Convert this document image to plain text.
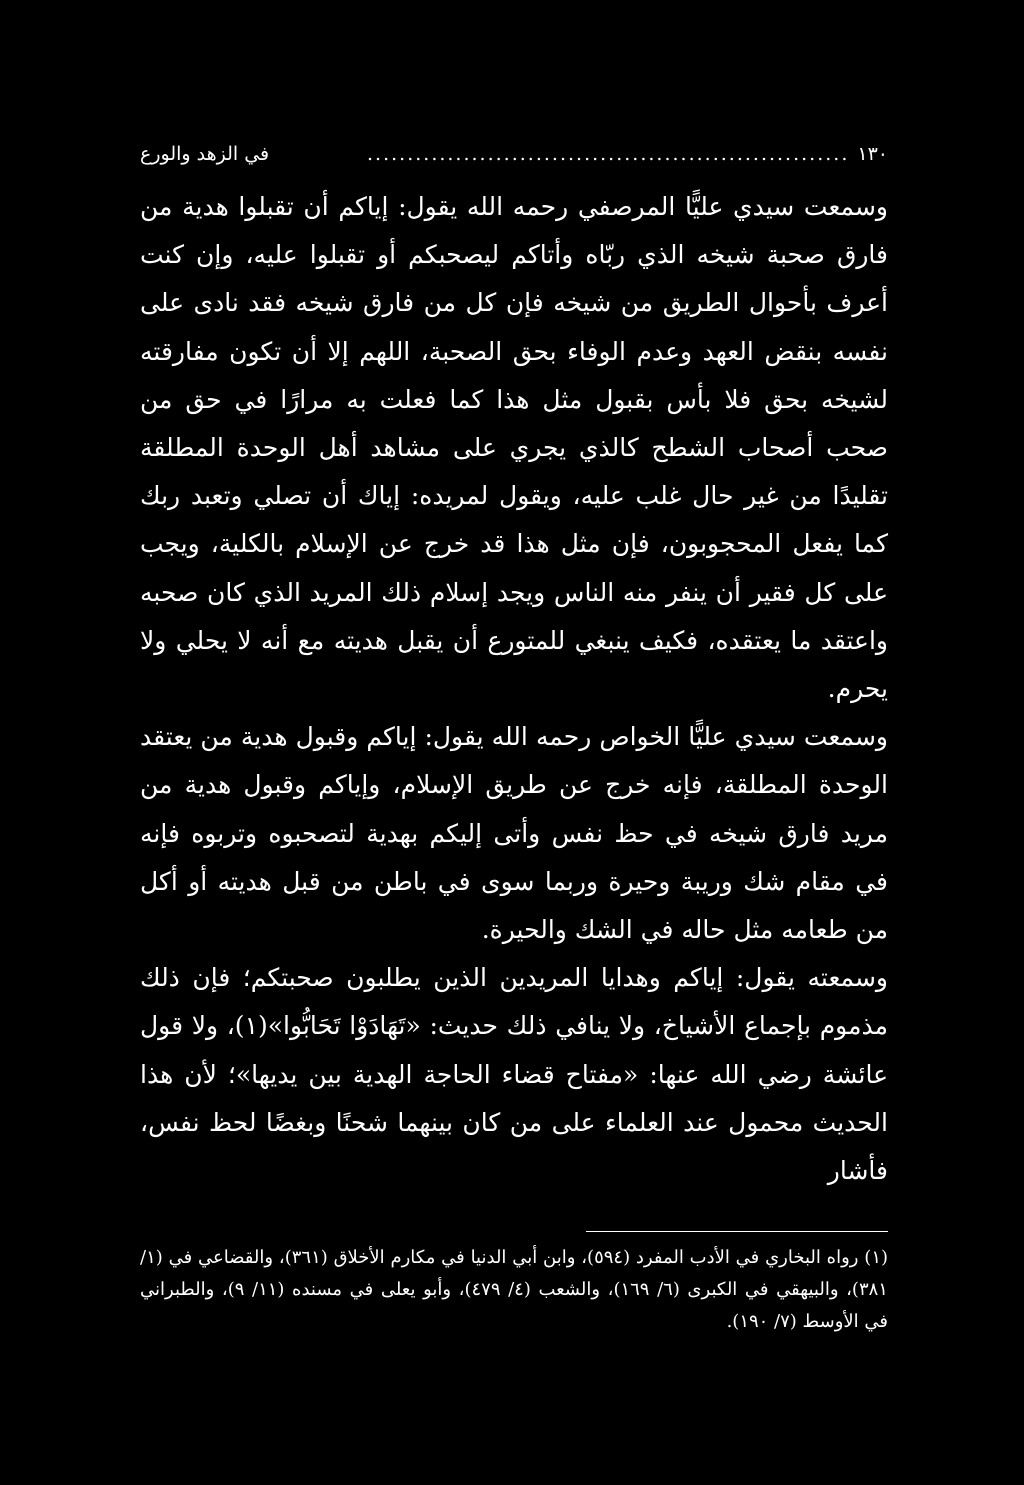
١٣٠
............................................................
في الزهد والورع

وسمعت سيدي عليًّا المرصفي رحمه الله يقول: إياكم أن تقبلوا هدية من فارق صحبة شيخه الذي ربّاه وأتاكم ليصحبكم أو تقبلوا عليه، وإن كنت أعرف بأحوال الطريق من شيخه فإن كل من فارق شيخه فقد نادى على نفسه بنقض العهد وعدم الوفاء بحق الصحبة، اللهم إلا أن تكون مفارقته لشيخه بحق فلا بأس بقبول مثل هذا كما فعلت به مرارًا في حق من صحب أصحاب الشطح كالذي يجري على مشاهد أهل الوحدة المطلقة تقليدًا من غير حال غلب عليه، ويقول لمريده: إياك أن تصلي وتعبد ربك كما يفعل المحجوبون، فإن مثل هذا قد خرج عن الإسلام بالكلية، ويجب على كل فقير أن ينفر منه الناس ويجد إسلام ذلك المريد الذي كان صحبه واعتقد ما يعتقده، فكيف ينبغي للمتورع أن يقبل هديته مع أنه لا يحلي ولا يحرم.

وسمعت سيدي عليًّا الخواص رحمه الله يقول: إياكم وقبول هدية من يعتقد الوحدة المطلقة، فإنه خرج عن طريق الإسلام، وإياكم وقبول هدية من مريد فارق شيخه في حظ نفس وأتى إليكم بهدية لتصحبوه وتربوه فإنه في مقام شك وريبة وحيرة وربما سوى في باطن من قبل هديته أو أكل من طعامه مثل حاله في الشك والحيرة.

وسمعته يقول: إياكم وهدايا المريدين الذين يطلبون صحبتكم؛ فإن ذلك مذموم بإجماع الأشياخ، ولا ينافي ذلك حديث: «تَهَادَوْا تَحَابُّوا»(١)، ولا قول عائشة رضي الله عنها: «مفتاح قضاء الحاجة الهدية بين يديها»؛ لأن هذا الحديث محمول عند العلماء على من كان بينهما شحنًا وبغضًا لحظ نفس، فأشار

(١) رواه البخاري في الأدب المفرد (٥٩٤)، وابن أبي الدنيا في مكارم الأخلاق (٣٦١)، والقضاعي في (١/ ٣٨١)، والبيهقي في الكبرى (٦/ ١٦٩)، والشعب (٤/ ٤٧٩)، وأبو يعلى في مسنده (١١/ ٩)، والطبراني في الأوسط (٧/ ١٩٠).
